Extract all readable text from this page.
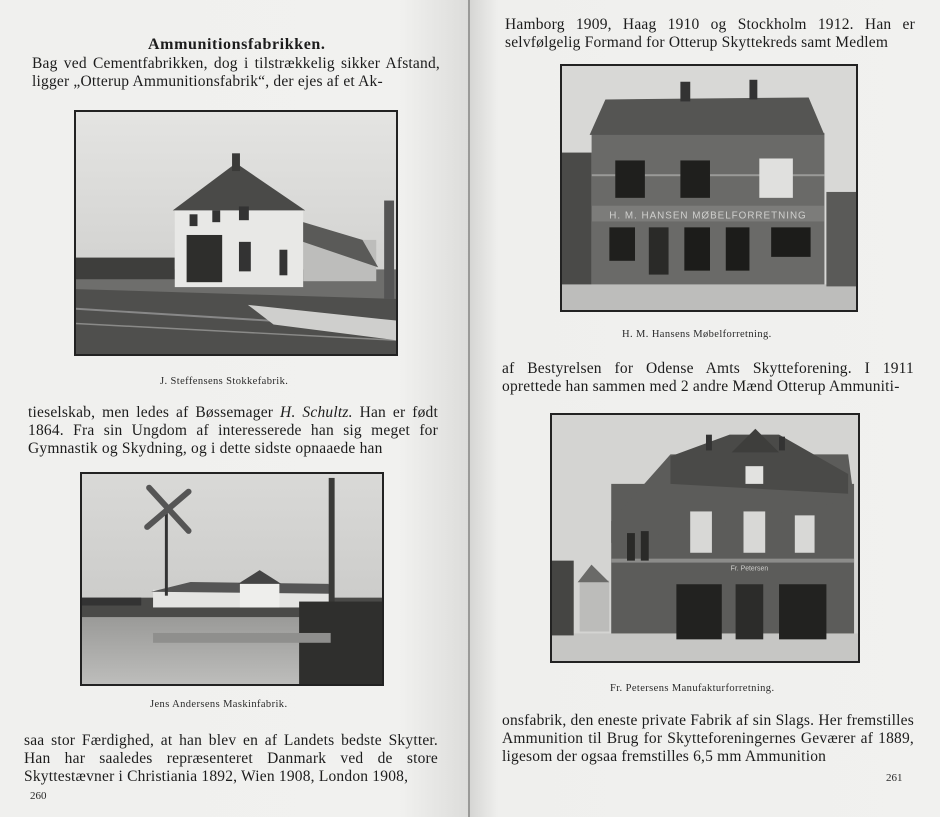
Ammunitionsfabrikken.

Bag ved Cementfabrikken, dog i tilstrækkelig sikker Afstand, ligger „Otterup Ammunitionsfabrik“, der ejes af et Ak-

J. Steffensens Stokkefabrik.

tieselskab, men ledes af Bøssemager H. Schultz. Han er født 1864. Fra sin Ungdom af interesserede han sig meget for Gymnastik og Skydning, og i dette sidste opnaaede han

Jens Andersens Maskinfabrik.

saa stor Færdighed, at han blev en af Landets bedste Skytter. Han har saaledes repræsenteret Danmark ved de store Skyttestævner i Christiania 1892, Wien 1908, London 1908,

260

Hamborg 1909, Haag 1910 og Stockholm 1912. Han er selvfølgelig Formand for Otterup Skyttekreds samt Medlem

H. M. HANSEN MØBELFORRETNING
H. M. Hansens Møbelforretning.

af Bestyrelsen for Odense Amts Skytteforening. I 1911 oprettede han sammen med 2 andre Mænd Otterup Ammuniti-

Fr. Petersen
Fr. Petersens Manufakturforretning.

onsfabrik, den eneste private Fabrik af sin Slags. Her fremstilles Ammunition til Brug for Skytteforeningernes Geværer af 1889, ligesom der ogsaa fremstilles 6,5 mm Ammunition

261
